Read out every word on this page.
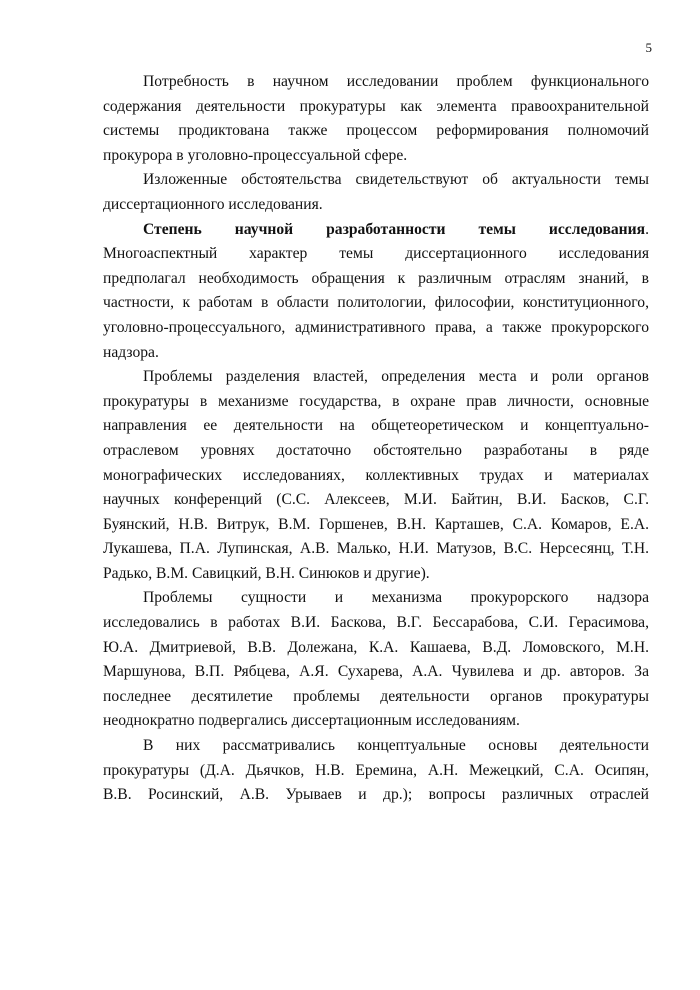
5

Потребность в научном исследовании проблем функционального
содержания деятельности прокуратуры как элемента правоохранительной
системы продиктована также процессом реформирования полномочий
прокурора в уголовно-процессуальной сфере.

Изложенные обстоятельства свидетельствуют об актуальности темы
диссертационного исследования.

Степень научной разработанности темы исследования.
Многоаспектный характер темы диссертационного исследования
предполагал необходимость обращения к различным отраслям знаний, в
частности, к работам в области политологии, философии, конституционного,
уголовно-процессуального, административного права, а также прокурорского
надзора.

Проблемы разделения властей, определения места и роли органов
прокуратуры в механизме государства, в охране прав личности, основные
направления ее деятельности на общетеоретическом и концептуально-
отраслевом уровнях достаточно обстоятельно разработаны в ряде
монографических исследованиях, коллективных трудах и материалах
научных конференций (С.С. Алексеев, М.И. Байтин, В.И. Басков, С.Г.
Буянский, Н.В. Витрук, В.М. Горшенев, В.Н. Карташев, С.А. Комаров, Е.А.
Лукашева, П.А. Лупинская, А.В. Малько, Н.И. Матузов, В.С. Нерсесянц, Т.Н.
Радько, В.М. Савицкий, В.Н. Синюков и другие).

Проблемы сущности и механизма прокурорского надзора
исследовались в работах В.И. Баскова, В.Г. Бессарабова, С.И. Герасимова,
Ю.А. Дмитриевой, В.В. Долежана, К.А. Кашаева, В.Д. Ломовского, М.Н.
Маршунова, В.П. Рябцева, А.Я. Сухарева, А.А. Чувилева и др. авторов. За
последнее десятилетие проблемы деятельности органов прокуратуры
неоднократно подвергались диссертационным исследованиям.

В них рассматривались концептуальные основы деятельности
прокуратуры (Д.А. Дьячков, Н.В. Еремина, А.Н. Межецкий, С.А. Осипян,
В.В. Росинский, А.В. Урываев и др.); вопросы различных отраслей
